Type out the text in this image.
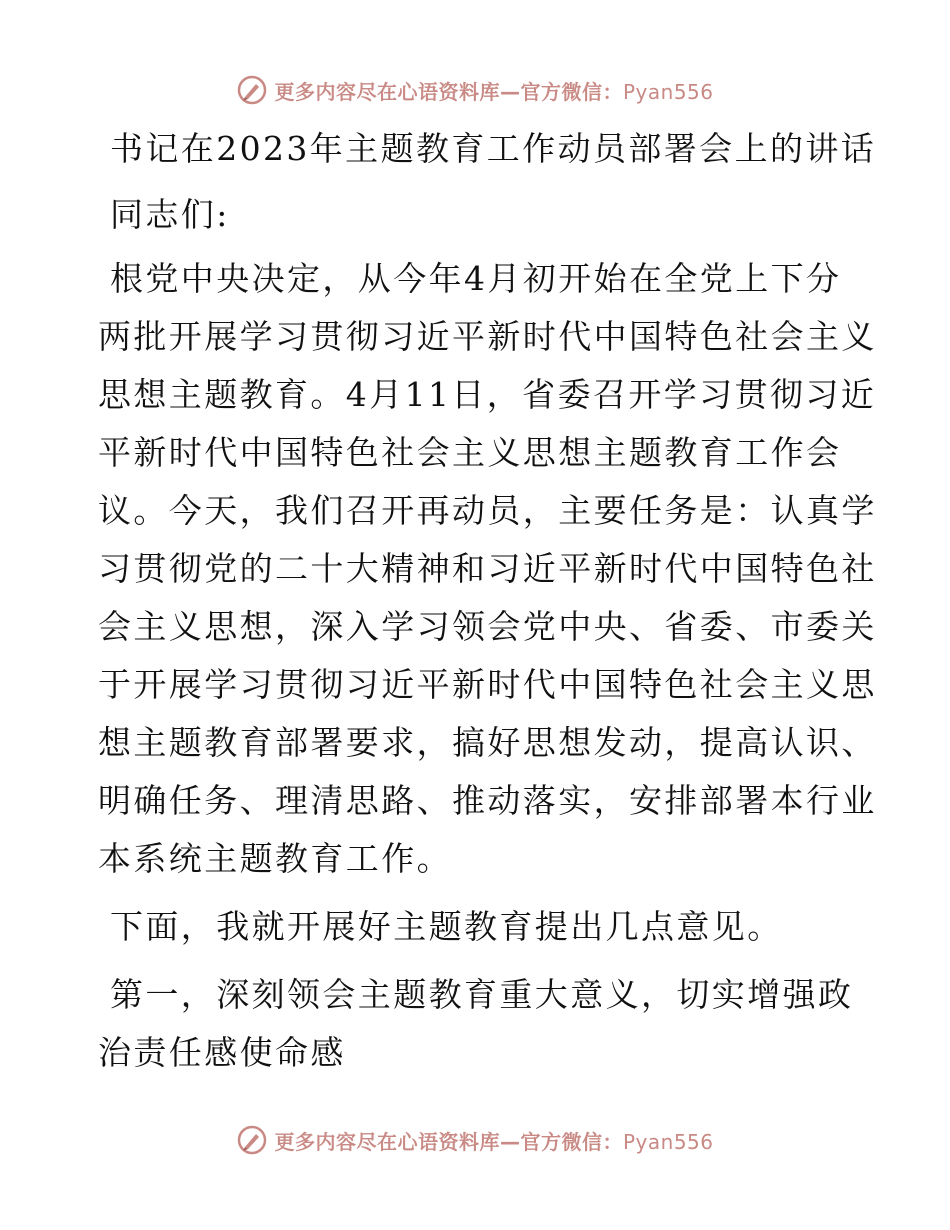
更多内容尽在心语资料库—官方微信：Pyan556
书记在2023年主题教育工作动员部署会上的讲话
同志们:
根党中央决定，从今年4月初开始在全党上下分
两批开展学习贯彻习近平新时代中国特色社会主义
思想主题教育。4月11日，省委召开学习贯彻习近
平新时代中国特色社会主义思想主题教育工作会
议。今天，我们召开再动员，主要任务是：认真学
习贯彻党的二十大精神和习近平新时代中国特色社
会主义思想，深入学习领会党中央、省委、市委关
于开展学习贯彻习近平新时代中国特色社会主义思
想主题教育部署要求，搞好思想发动，提高认识、
明确任务、理清思路、推动落实，安排部署本行业
本系统主题教育工作。
下面，我就开展好主题教育提出几点意见。
第一，深刻领会主题教育重大意义，切实增强政
治责任感使命感
更多内容尽在心语资料库—官方微信：Pyan556
